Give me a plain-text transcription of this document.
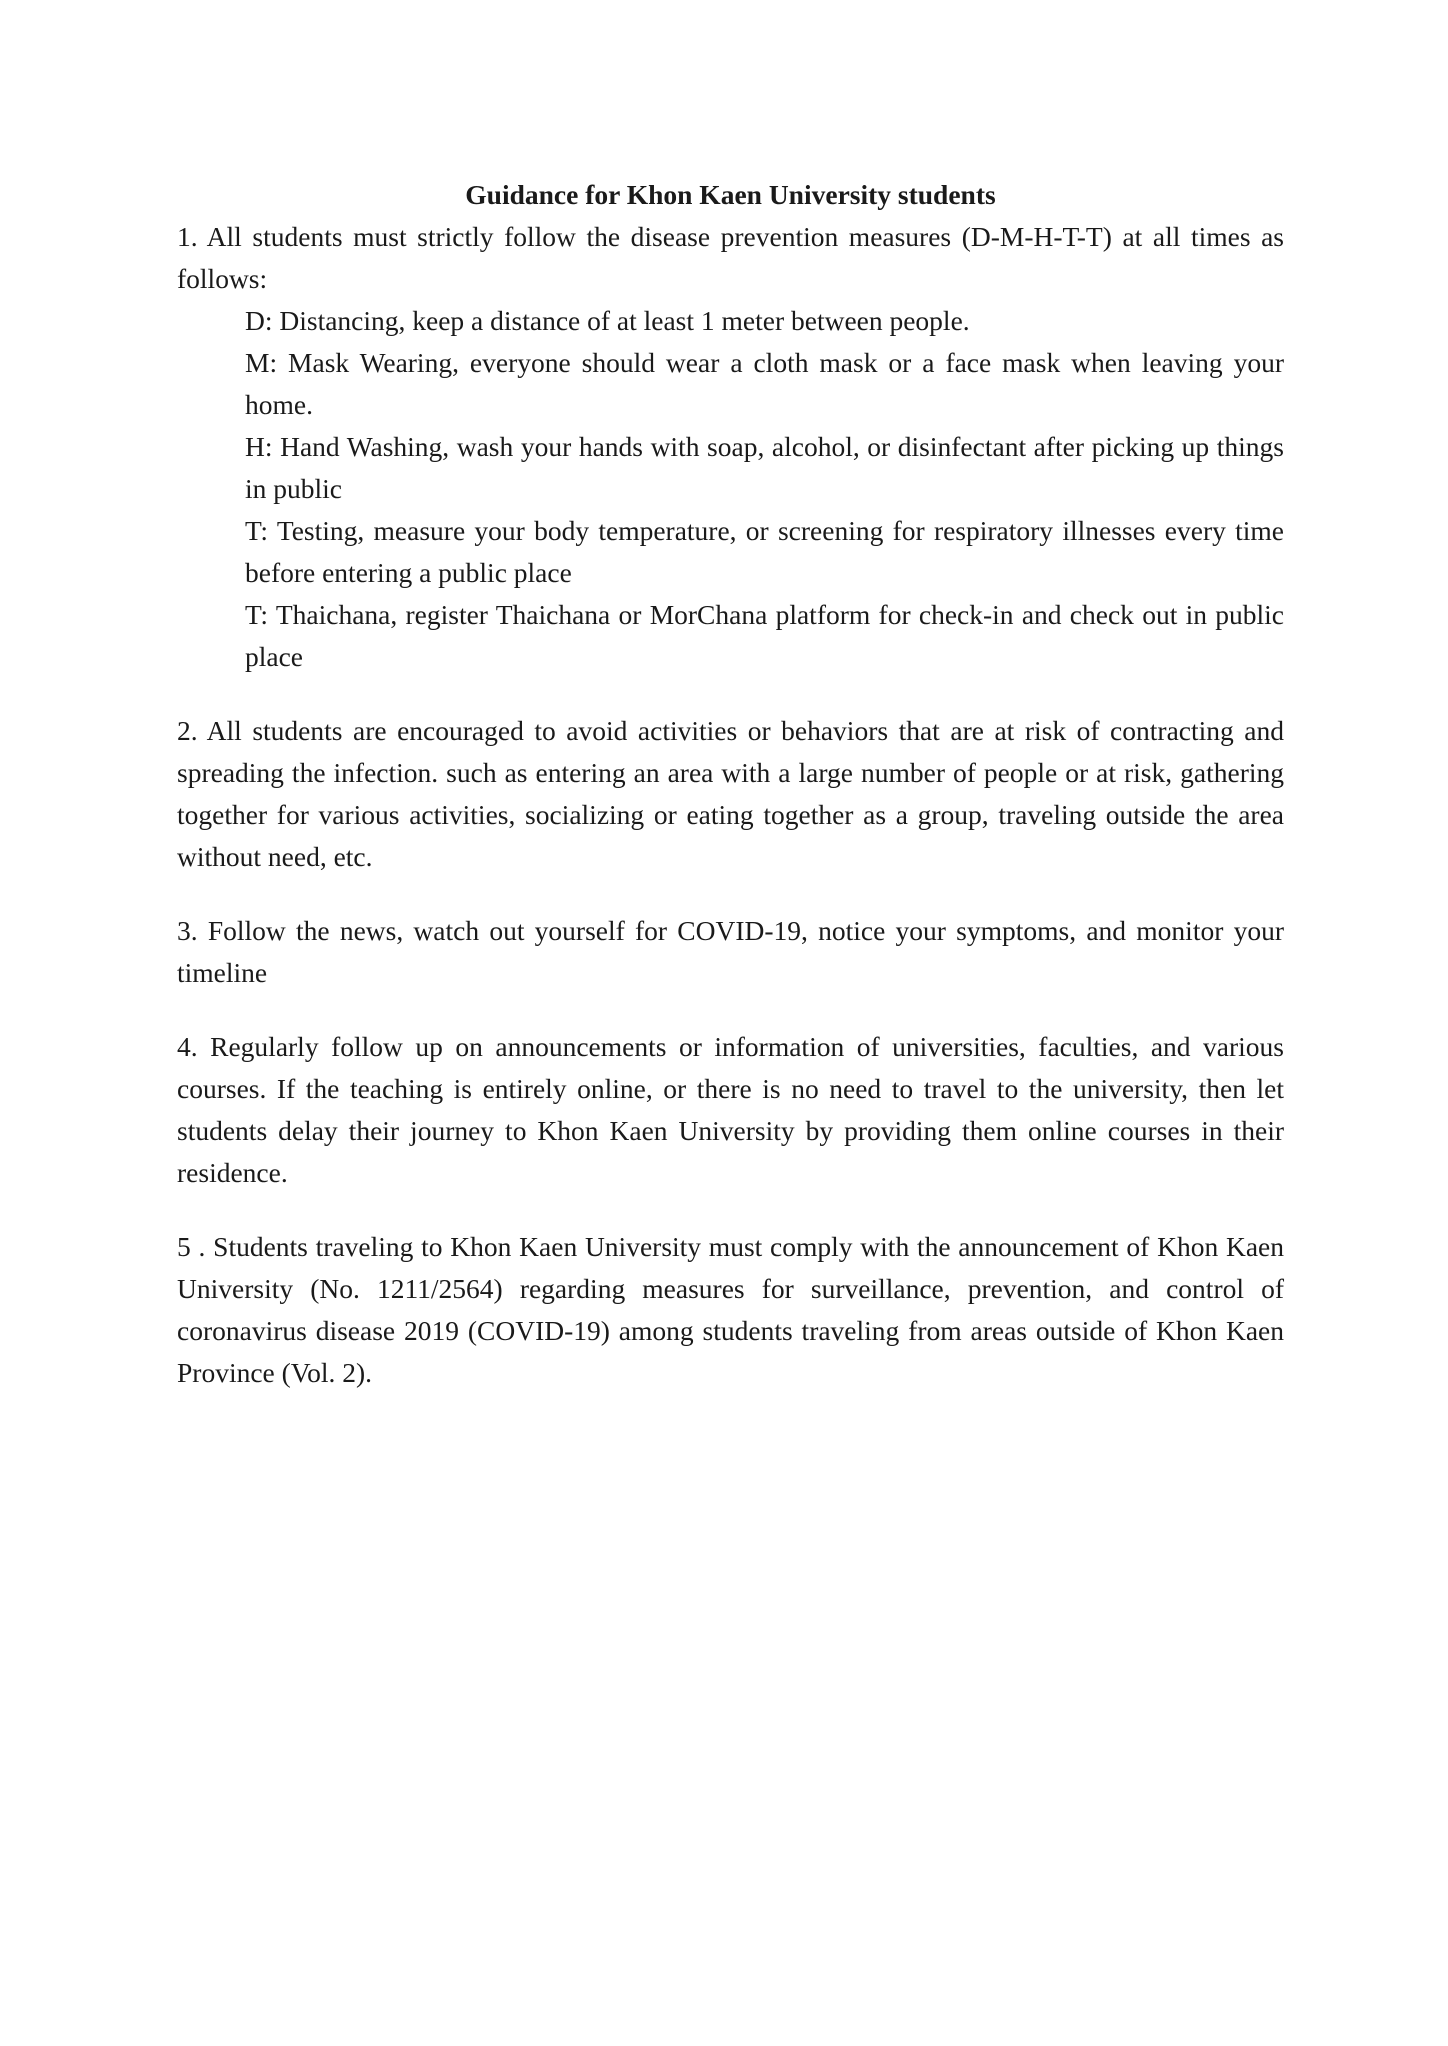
Guidance for Khon Kaen University students

1. All students must strictly follow the disease prevention measures (D-M-H-T-T) at all times as follows:

D: Distancing, keep a distance of at least 1 meter between people.

M: Mask Wearing, everyone should wear a cloth mask or a face mask when leaving your home.

H: Hand Washing, wash your hands with soap, alcohol, or disinfectant after picking up things in public

T: Testing, measure your body temperature, or screening for respiratory illnesses every time before entering a public place

T: Thaichana, register Thaichana or MorChana platform for check-in and check out in public place

2. All students are encouraged to avoid activities or behaviors that are at risk of contracting and spreading the infection. such as entering an area with a large number of people or at risk, gathering together for various activities, socializing or eating together as a group, traveling outside the area without need, etc.

3. Follow the news, watch out yourself for COVID-19, notice your symptoms, and monitor your timeline

4. Regularly follow up on announcements or information of universities, faculties, and various courses. If the teaching is entirely online, or there is no need to travel to the university, then let students delay their journey to Khon Kaen University by providing them online courses in their residence.

5 . Students traveling to Khon Kaen University must comply with the announcement of Khon Kaen University (No. 1211/2564) regarding measures for surveillance, prevention, and control of coronavirus disease 2019 (COVID-19) among students traveling from areas outside of Khon Kaen Province (Vol. 2).
